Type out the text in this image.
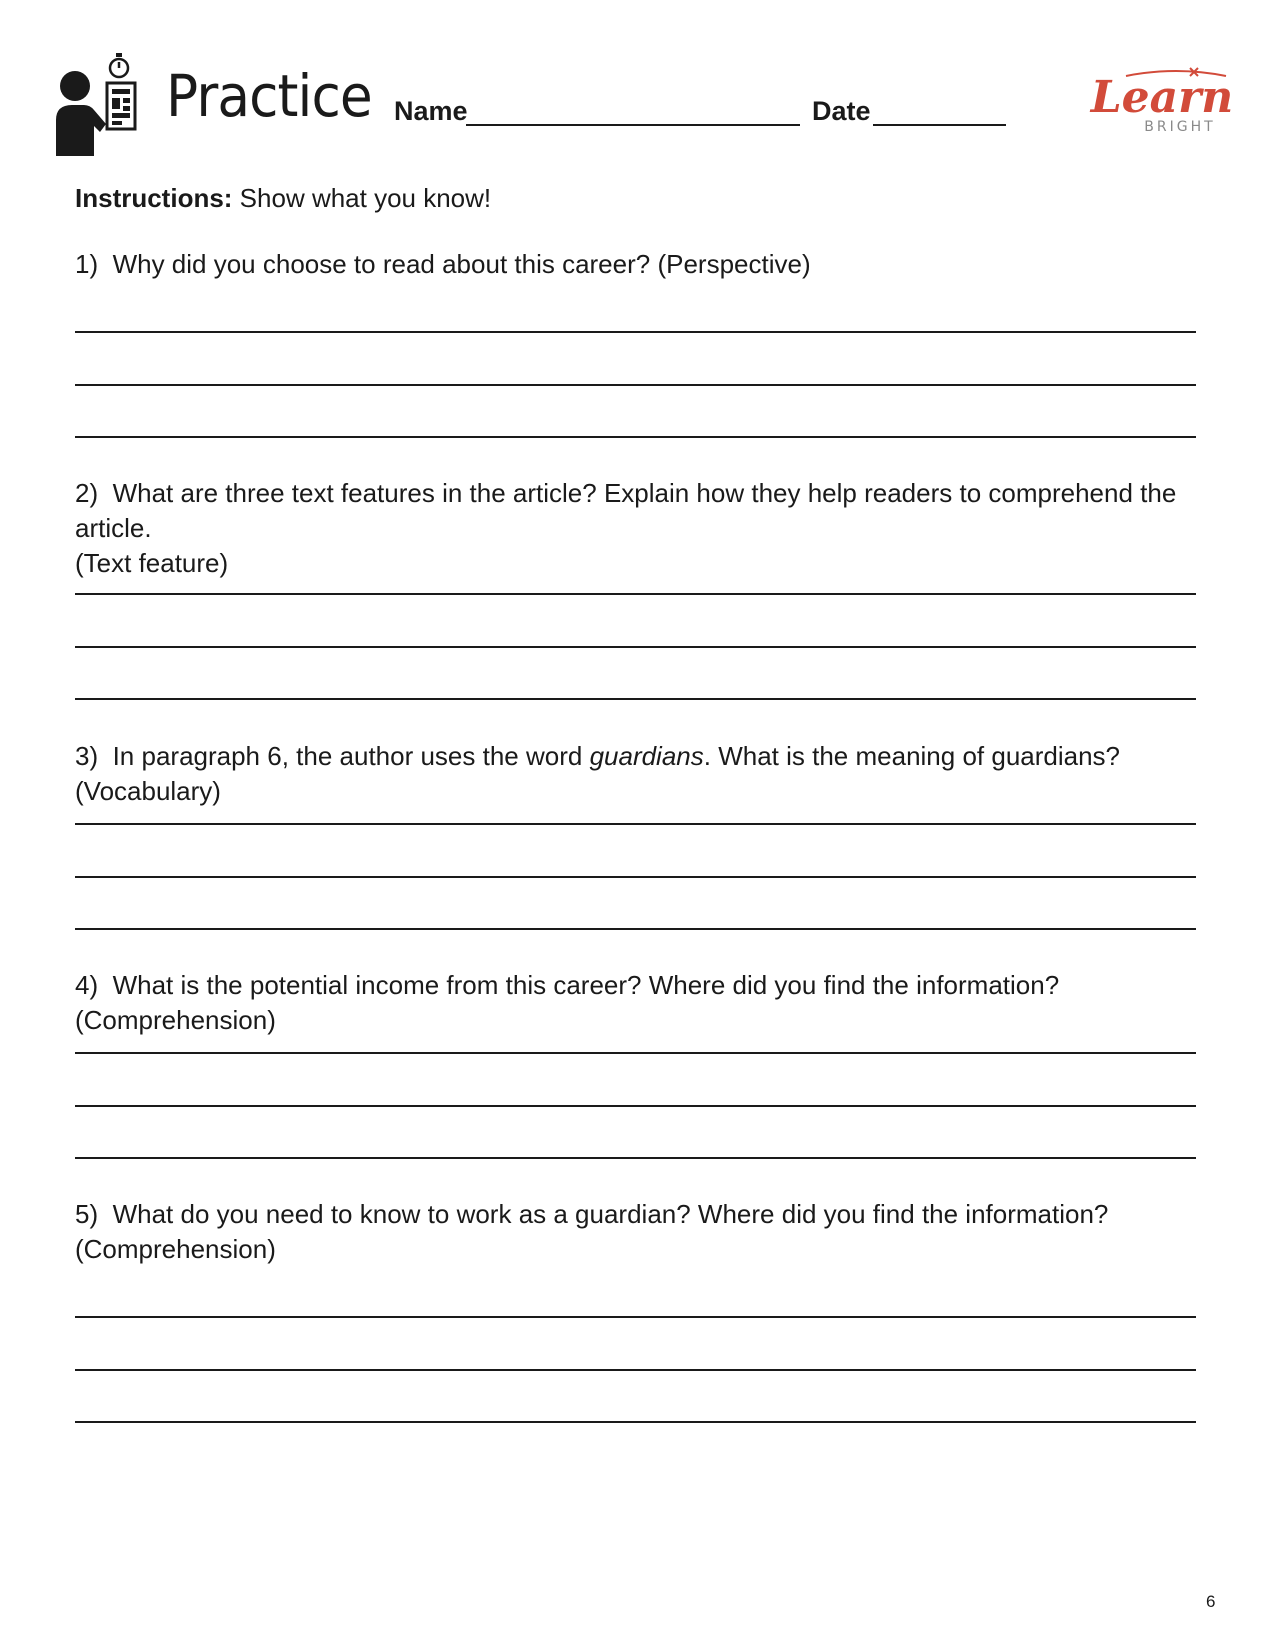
Practice Name	Date	Learn
BRIGHT
Instructions: Show what you know!
1) Why did you choose to read about this career? (Perspective)
2) What are three text features in the article? Explain how they help readers to comprehend the article.
(Text feature)
3) In paragraph 6, the author uses the word guardians. What is the meaning of guardians? (Vocabulary)
4) What is the potential income from this career? Where did you find the information? (Comprehension)
5) What do you need to know to work as a guardian? Where did you find the information?
(Comprehension)
6
